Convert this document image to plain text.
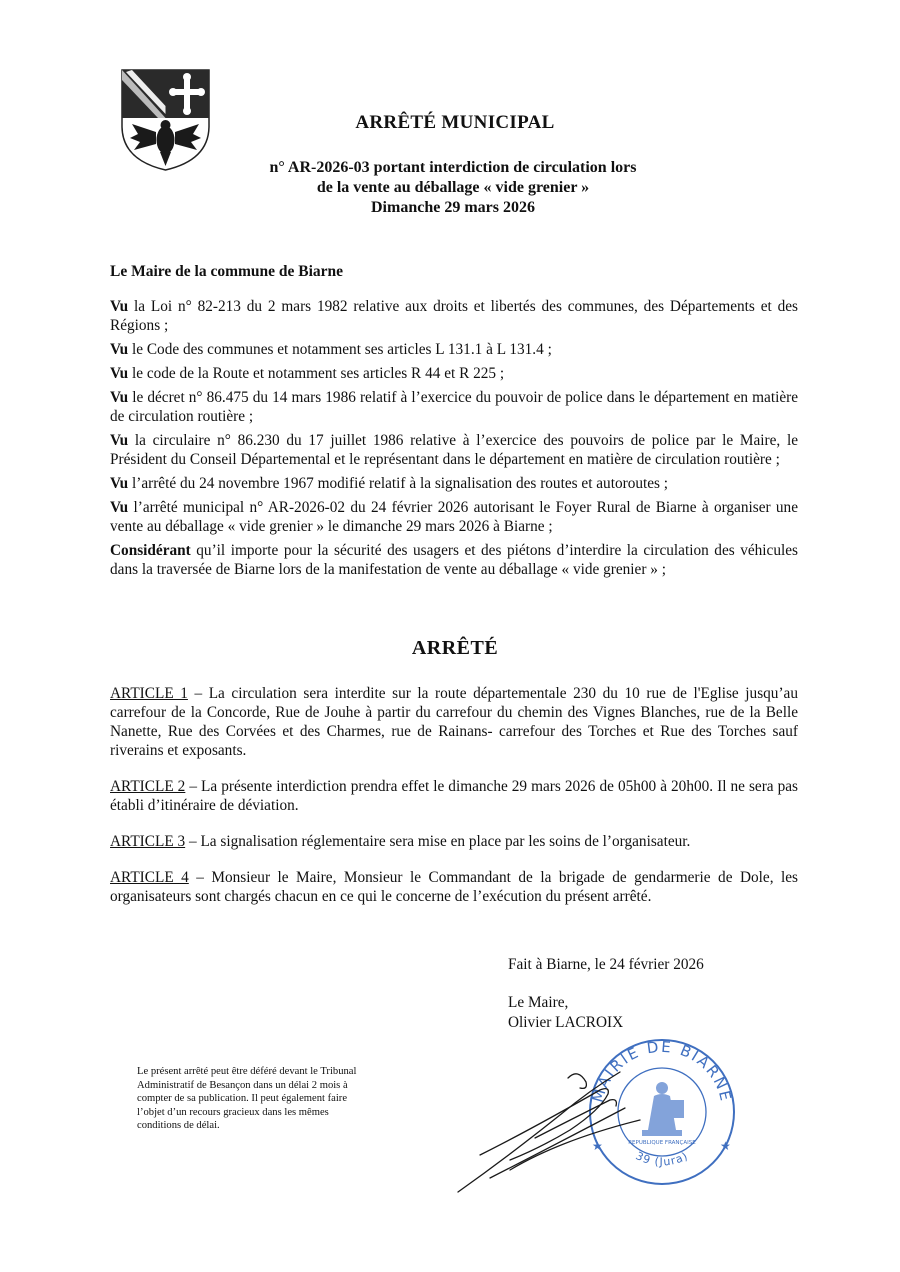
ARRÊTÉ MUNICIPAL
n° AR-2026-03 portant interdiction de circulation lors
de la vente au déballage « vide grenier »
Dimanche 29 mars 2026
Le Maire de la commune de Biarne

Vu la Loi n° 82-213 du 2 mars 1982 relative aux droits et libertés des communes, des Départements et des Régions ;

Vu le Code des communes et notamment ses articles L 131.1 à L 131.4 ;

Vu le code de la Route et notamment ses articles R 44 et R 225 ;

Vu le décret n° 86.475 du 14 mars 1986 relatif à l’exercice du pouvoir de police dans le département en matière de circulation routière ;

Vu la circulaire n° 86.230 du 17 juillet 1986 relative à l’exercice des pouvoirs de police par le Maire, le Président du Conseil Départemental et le représentant dans le département en matière de circulation routière ;

Vu l’arrêté du 24 novembre 1967 modifié relatif à la signalisation des routes et autoroutes ;

Vu l’arrêté municipal n° AR-2026-02 du 24 février 2026 autorisant le Foyer Rural de Biarne à organiser une vente au déballage « vide grenier » le dimanche 29 mars 2026 à Biarne ;

Considérant qu’il importe pour la sécurité des usagers et des piétons d’interdire la circulation des véhicules dans la traversée de Biarne lors de la manifestation de vente au déballage « vide grenier » ;

ARRÊTÉ

ARTICLE 1 – La circulation sera interdite sur la route départementale 230 du 10 rue de l'Eglise jusqu’au carrefour de la Concorde, Rue de Jouhe à partir du carrefour du chemin des Vignes Blanches, rue de la Belle Nanette, Rue des Corvées et des Charmes, rue de Rainans- carrefour des Torches et Rue des Torches sauf riverains et exposants.

ARTICLE 2 – La présente interdiction prendra effet le dimanche 29 mars 2026 de 05h00 à 20h00. Il ne sera pas établi d’itinéraire de déviation.

ARTICLE 3 – La signalisation réglementaire sera mise en place par les soins de l’organisateur.

ARTICLE 4 – Monsieur le Maire, Monsieur le Commandant de la brigade de gendarmerie de Dole, les organisateurs sont chargés chacun en ce qui le concerne de l’exécution du présent arrêté.

Fait à Biarne, le 24 février 2026
Le Maire,
Olivier LACROIX
Le présent arrêté peut être déféré devant le Tribunal Administratif de Besançon dans un délai 2 mois à compter de sa publication. Il peut également faire l’objet d’un recours gracieux dans les mêmes conditions de délai.
MAIRIE DE BIARNE
39 (Jura)
★	★
REPUBLIQUE FRANÇAISE
